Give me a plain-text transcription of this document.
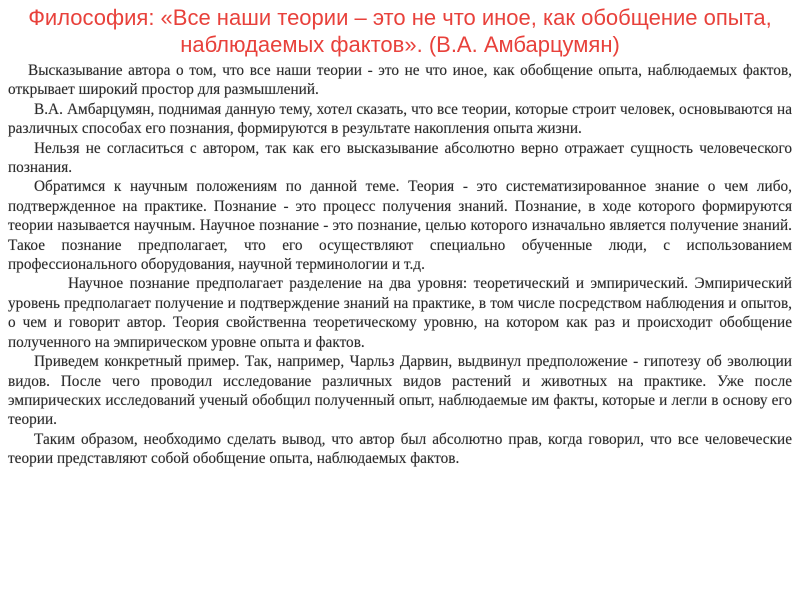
Философия: «Все наши теории – это не что иное, как обобщение опыта,
наблюдаемых фактов». (В.А. Амбарцумян)

Высказывание автора о том, что все наши теории - это не что иное, как обобщение опыта, наблюдаемых фактов, открывает широкий простор для размышлений.

В.А. Амбарцумян, поднимая данную тему, хотел сказать, что все теории, которые строит человек, основываются на различных способах его познания, формируются в результате накопления опыта жизни.

Нельзя не согласиться с автором, так как его высказывание абсолютно верно отражает сущность человеческого познания.

Обратимся к научным положениям по данной теме. Теория - это систематизированное знание о чем либо, подтвержденное на практике. Познание - это процесс получения знаний. Познание, в ходе которого формируются теории называется научным. Научное познание - это познание, целью которого изначально является получение знаний. Такое познание предполагает, что его осуществляют специально обученные люди, с использованием профессионального оборудования, научной терминологии и т.д.

Научное познание предполагает разделение на два уровня: теоретический и эмпирический. Эмпирический уровень предполагает получение и подтверждение знаний на практике, в том числе посредством наблюдения и опытов, о чем и говорит автор. Теория свойственна теоретическому уровню, на котором как раз и происходит обобщение полученного на эмпирическом уровне опыта и фактов.

Приведем конкретный пример. Так, например, Чарльз Дарвин, выдвинул предположение - гипотезу об эволюции видов. После чего проводил исследование различных видов растений и животных на практике. Уже после эмпирических исследований ученый обобщил полученный опыт, наблюдаемые им факты, которые и легли в основу его теории.

Таким образом, необходимо сделать вывод, что автор был абсолютно прав, когда говорил, что все человеческие теории представляют собой обобщение опыта, наблюдаемых фактов.
